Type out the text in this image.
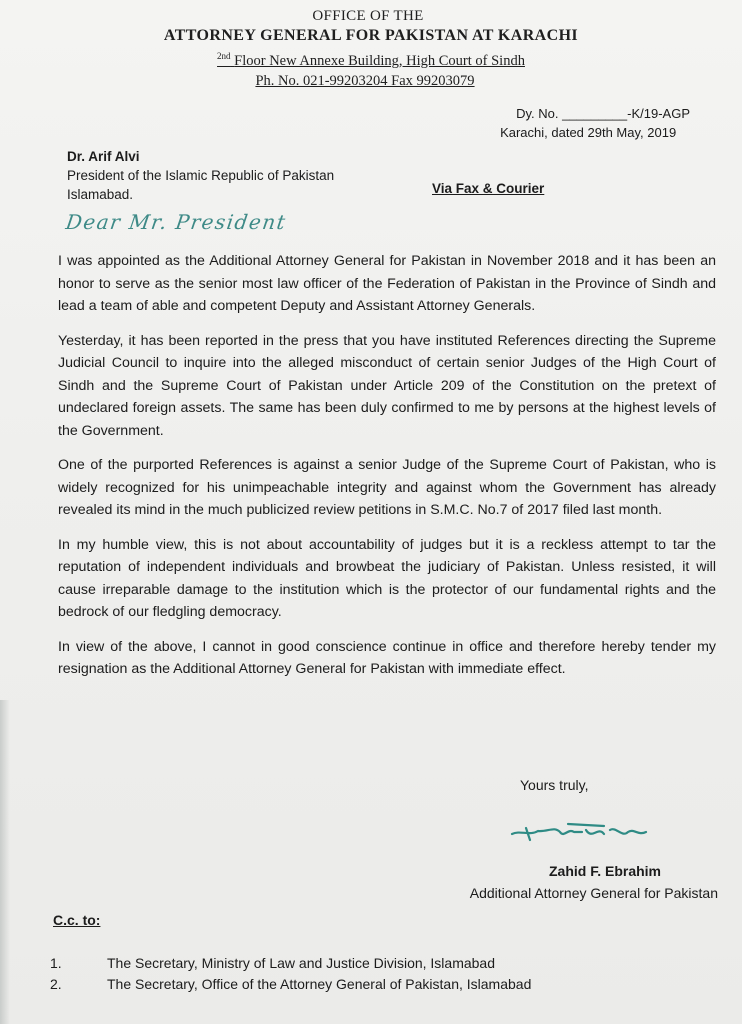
OFFICE OF THE
ATTORNEY GENERAL FOR PAKISTAN AT KARACHI
$^{2nd}$ Floor New Annexe Building, High Court of Sindh
Ph. No. 021-99203204 Fax 99203079
Dy. No. _________-K/19-AGP
Karachi, dated 29th May, 2019
Dr. Arif Alvi
President of the Islamic Republic of Pakistan
Islamabad.	Via Fax & Courier
Dear Mr. President

I was appointed as the Additional Attorney General for Pakistan in November 2018 and it has been an honor to serve as the senior most law officer of the Federation of Pakistan in the Province of Sindh and lead a team of able and competent Deputy and Assistant Attorney Generals.

Yesterday, it has been reported in the press that you have instituted References directing the Supreme Judicial Council to inquire into the alleged misconduct of certain senior Judges of the High Court of Sindh and the Supreme Court of Pakistan under Article 209 of the Constitution on the pretext of undeclared foreign assets. The same has been duly confirmed to me by persons at the highest levels of the Government.

One of the purported References is against a senior Judge of the Supreme Court of Pakistan, who is widely recognized for his unimpeachable integrity and against whom the Government has already revealed its mind in the much publicized review petitions in S.M.C. No.7 of 2017 filed last month.

In my humble view, this is not about accountability of judges but it is a reckless attempt to tar the reputation of independent individuals and browbeat the judiciary of Pakistan. Unless resisted, it will cause irreparable damage to the institution which is the protector of our fundamental rights and the bedrock of our fledgling democracy.

In view of the above, I cannot in good conscience continue in office and therefore hereby tender my resignation as the Additional Attorney General for Pakistan with immediate effect.

Yours truly,
Zahid F. Ebrahim
Additional Attorney General for Pakistan
C.c. to:
1.	The Secretary, Ministry of Law and Justice Division, Islamabad
2.	The Secretary, Office of the Attorney General of Pakistan, Islamabad
